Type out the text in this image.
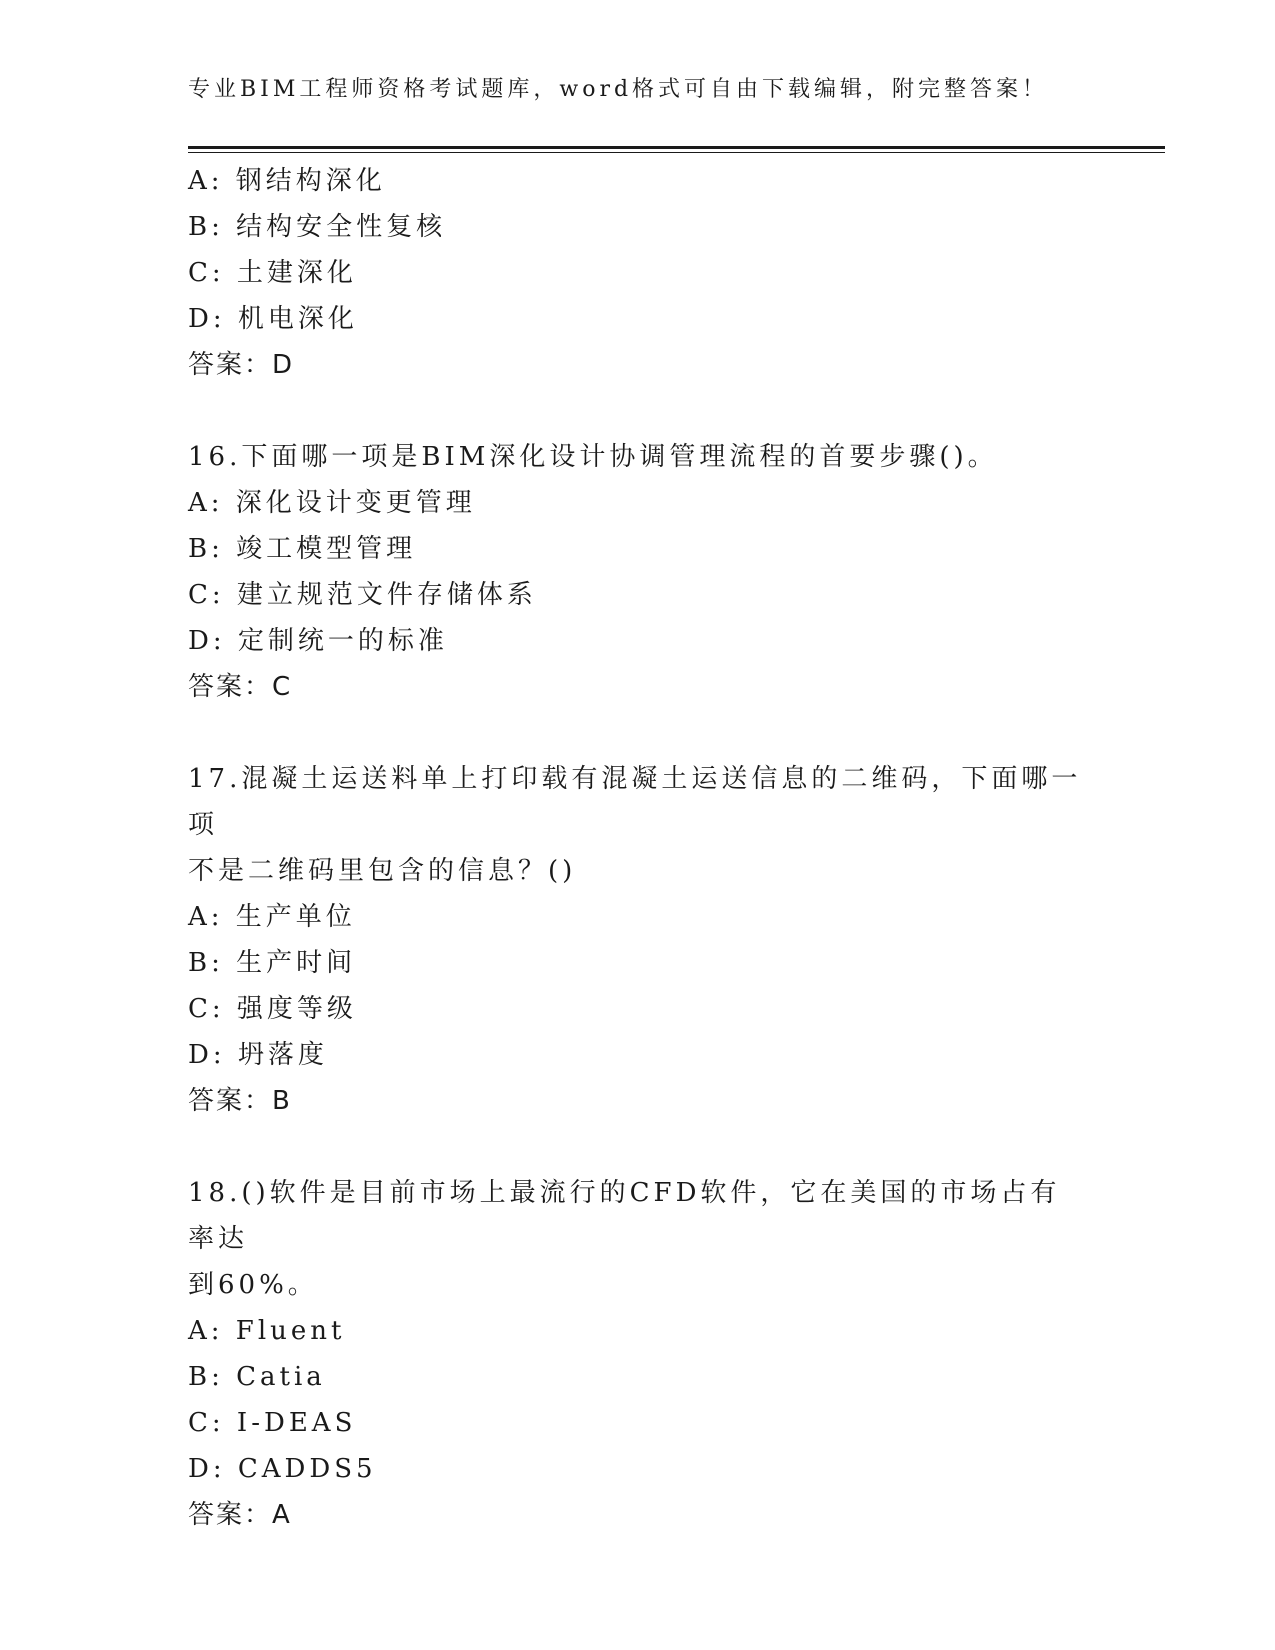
专业BIM工程师资格考试题库，word格式可自由下载编辑，附完整答案！
A: 钢结构深化
B: 结构安全性复核
C: 土建深化
D: 机电深化
答案：D
16.下面哪一项是BIM深化设计协调管理流程的首要步骤()。
A: 深化设计变更管理
B: 竣工模型管理
C: 建立规范文件存储体系
D: 定制统一的标准
答案：C
17.混凝土运送料单上打印载有混凝土运送信息的二维码，下面哪一项
不是二维码里包含的信息？()
A: 生产单位
B: 生产时间
C: 强度等级
D: 坍落度
答案：B
18.()软件是目前市场上最流行的CFD软件，它在美国的市场占有率达
到60%。
A: Fluent
B: Catia
C: I-DEAS
D: CADDS5
答案：A
